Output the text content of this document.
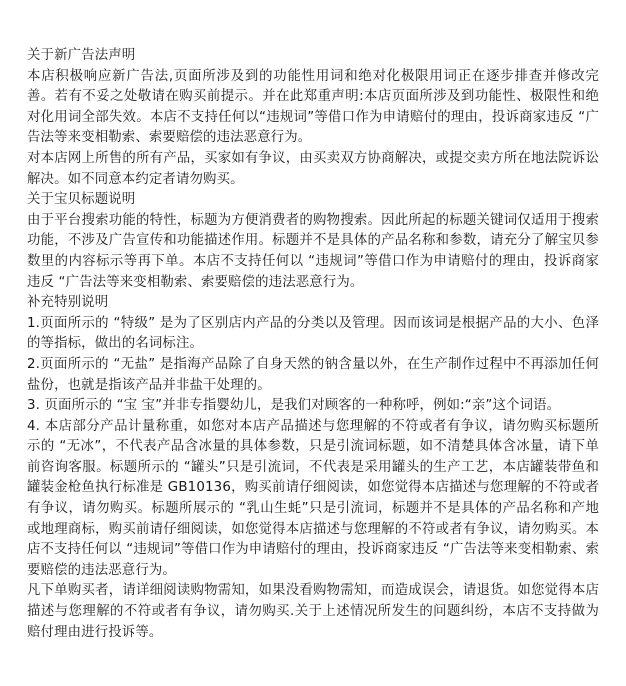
关于新广告法声明

本店积极响应新广告法,页面所涉及到的功能性用词和绝对化极限用词正在逐步排查并修改完善。若有不妥之处敬请在购买前提示。并在此郑重声明:本店页面所涉及到功能性、极限性和绝对化用词全部失效。本店不支持任何以“违规词”等借口作为申请赔付的理由，投诉商家违反 “广告法等来变相勒索、索要赔偿的违法恶意行为。

对本店网上所售的所有产品，买家如有争议，由买卖双方协商解决，或提交卖方所在地法院诉讼解决。如不同意本约定者请勿购买。

关于宝贝标题说明

由于平台搜索功能的特性，标题为方便消费者的购物搜索。因此所起的标题关键词仅适用于搜索功能，不涉及广告宣传和功能描述作用。标题并不是具体的产品名称和参数，请充分了解宝贝参数里的内容标示等再下单。本店不支持任何以 “违规词”等借口作为申请赔付的理由，投诉商家违反 “广告法等来变相勒索、索要赔偿的违法恶意行为。

补充特别说明

1.页面所示的 “特级” 是为了区别店内产品的分类以及管理。因而该词是根据产品的大小、色泽的等指标，做出的名词标注。

2.页面所示的 “无盐” 是指海产品除了自身天然的钠含量以外，在生产制作过程中不再添加任何盐份，也就是指该产品并非盐干处理的。

3. 页面所示的 “宝 宝”并非专指婴幼儿，是我们对顾客的一种称呼，例如:“亲”这个词语。

4. 本店部分产品计量称重，如您对本店产品描述与您理解的不符或者有争议，请勿购买标题所示的 “无冰”，不代表产品含冰量的具体参数，只是引流词标题，如不清楚具体含冰量，请下单前咨询客服。标题所示的 “罐头”只是引流词，不代表是采用罐头的生产工艺，本店罐装带鱼和罐装金枪鱼执行标准是 GB10136，购买前请仔细阅读，如您觉得本店描述与您理解的不符或者有争议，请勿购买。标题所展示的 “乳山生蚝”只是引流词，标题并不是具体的产品名称和产地或地理商标，购买前请仔细阅读，如您觉得本店描述与您理解的不符或者有争议，请勿购买。本店不支持任何以 “违规词”等借口作为申请赔付的理由，投诉商家违反 “广告法等来变相勒索、索要赔偿的违法恶意行为。

凡下单购买者，请详细阅读购物需知，如果没看购物需知，而造成误会，请退货。如您觉得本店描述与您理解的不符或者有争议，请勿购买.关于上述情况所发生的问题纠纷，本店不支持做为赔付理由进行投诉等。
